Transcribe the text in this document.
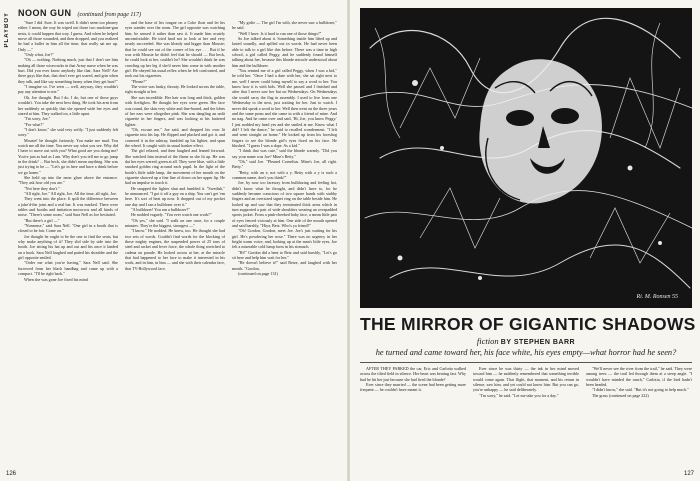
PLAYBOY NOON GUN (continued from page 117)

"Sure I did. Sure. It was swell. It didn't seem too phoney either. I mean, the way he wiped out those two machine-gun nests, it could happen that way, I guess. And when he helped move all those wounded, and then dropped, and you realized he had a bullet in him all the time, that really sat me up. Only —"

"Only what, Joe?"

"Oh — nothing. Nothing much, just that I don't see him making all those wisecracks in that Army nurse when he was hurt. Did you ever know anybody like that, Sara Nell? Are there guys like that, that don't ever get scared, and grin when they talk, and like say something funny when they get hurt?"

"I imagine so. I've seen — well, anyway, they wouldn't pay any attention to me."

Oh, Joe thought. But I do. I do, but one of those guys wouldn't. You take the next best thing. He took his arm from her suddenly as quickly that she opened wide her eyes and stared at him. They walked on, a little apart.

"I'm sorry, Joe."

"For what?"

"I don't know," she said very softly. "I just suddenly felt sorry."

Mousie! he thought furiously. You make me mad. You watch me all the time. You never say what you see. Why did I have to move out with you? What good are you doing me? You're just as bad as I am. Why don't you tell me to go jump in the drink? ... But heck, she didn't mean anything. She was just trying to be — "Let's go in here and have a drink before we go home."

She held up into the neon glare above the entrance. "They ask how old you are."

"Not here they don't."

"All right, Joe." All right, Joe. All the time, all right, Joe.

They went into the place. It spilt the difference between a juke'd-the joint and a real bar. It was marked. There were tables and booths and imitation moroccos and all kinds of noise. "There's some room," said Sara Nell as Joe hesitated.

"But there's a girl —"

"Nonsense," said Sara Nell. "One girl in a booth that is closed to be fair. Come on."

Joe thought he ought to be the one to find the seats, but why make anything of it? They slid side by side into the booth. Joe sitting his hat up and out and his once it landed on a hook. Sara Nell laughed and patted his shoulder and the girl opposite smiled.

"Order me what you're having," Sara Nell said. She furrowed from her black handbag and came up with a compact. "I'll be right back."

When she was gone Joe fixed his mind

and the base of his tongue on a Coke float and let his eyes wander over the room. The girl opposite was watching him; he sensed it rather than saw it. It made him acutely uncomfortable. He tried hard not to look at her and very nearly succeeded. She was blondy and bigger than Mousie; that he could see out of the corner of his eye . . . But if he was with Mousie he didn't feel that he should — But heck, he could look at her, couldn't he? She wouldn't think he was crawling up her leg if she'd never him come in with another girl. He obeyed his usual reflex when he felt confronted, and took out his cigarettes.

"Please?"

The voice was husky, throaty. He looked across the table, right straight at her.

She was incredible. Her hair was long and thick, golden with fireliglow. He thought her eyes were green. Her face was round, the skin very white and fine-boned, and the lobes of her ears were altogether pink. She was dangling an unlit cigarette in her fingers, and was looking at his battered lighter.

"Oh, excuse me," Joe said, and dropped his own lit cigarette into his lap. He flipped and plucked and got it, and cornered it in the ashtray, fumbled up his lighter, and spun the wheel. It caught with its usual honker effect.

The girl relaxed, and then laughed and leaned forward. She watched him instead of the flame as she lit up. He was dat her eyes weren't green at all. They were blue, with a little smoked golden ring around each pupil. In the light of the booth's little table lamp, the movement of her mouth on the cigarette showed up a fine line of down on her upper lip. He had an impulse to touch it.

He snapped the lighter shut and fumbled it. "Swedish," he announced. "I got it off a guy on a ship. You can't get 'em here. It's sort of beat up now. It dropped out of my pocket one day and I ran a bulldozer over it."

"A bulldozer! You ran a bulldozer?"

He nodded vaguely. "You ever watch one work?"

"Oh yes," she said. "I walk on one once, for a couple minutes. They're the biggest, strongest —"

"I know." He nodded. He knew, too. He thought she had two sets of words. Couldn't find words for the blocking of those mighty engines, the suspended power of 25 tons of steel and racket and lever force, the whole thing stretched to cadena on parade. He looked across at her, at the miracle that had happened to her face to make it interested in his work, and in him, in him — and she with their calendar face, that TV-Hollywood face.

"My girlie — The girl I'm with, she never saw a bulldozer," he said.

"Well I have. Is it hard to run one of those things?"

So Joe talked about it. Something inside him lifted up and lasted soundly, and spilled out in words. He had never been able to talk to a girl like this before. There was a time in high school, a girl called Peggy, and he suddenly found himself talking about her, because this blonde miracle understood about him and the bulldozer.

"You remind me of a girl called Peggy, when I was a kid," he told her. "Once I had a date with her, she sat right next to me, well I never could bring myself to say a word to her. You know how it is with kids. Well she passed and I finished and after that I never saw her but on Wednesdays. On Wednesdays she would carry the flag in assembly. I used to live from one Wednesday to the next, just waiting for her. Just to watch. I never did speak a word to her. Well then went on the three years and the same prom and she came in with a friend of mine. And no nag. And he came over and said, 'Hi, Joe, you know Peggy.' I just nodded my head yes and she smiled at me. Know what I did? I left the dance," he said to recalled wonderment. "I left and went straight on home." He looked up from his foreshog fingers to see the blonde girl's eyes fixed on his face. He blushed. "I guess I was a dope. As a kid."

"I think that was cute," said the blonde warmly. "Did you say your name was Joe? Mine's Betty."

"Oh," said Joe. "Pleased Cornelius. Mine's Joe, all right. Betty."

"Betty, with an e, not with a y. Betty with a y is such a common name, don't you think?"

Joe, by now too faraway from bulldozing and feeling hot, didn't know what he thought, and didn't have to, for he suddenly became conscious of two square hands with stubby fingers and an oversized signet ring on the table beside him. He looked up and saw that they terminated thick arms which in turn supported a pair of wide shoulders wearing an overpadded sports jacket. From a pink-cheeked baby face, a mean little pair of eyes fenced viciously at him. One side of the mouth opened and said harshly, "Hiya, Betz. Who's ya friend?"

"Oh! Gordon, Gordon, meet Joe. Joe's just waiting for his girl. He's powdering her nose." There was no urgency in her bright warm voice, and, looking up at the man's little eyes, Joe felt a miserable cold lump form in his stomach.

"Hi!" Gordon did a bent to Betz and said harshly, "Let's go sit here and help him wait for her."

"He doesn't believe it!" said Betze, and laughed with her mouth. "Gordon,

(continued on page 131)

126
Ri. M. Ronsen 55
THE MIRROR OF GIGANTIC SHADOWS
fiction BY STEPHEN BARR
he turned and came toward her, his face white, his eyes empty—what horror had he seen?

AFTER THEY PARKED the car, Eric and Carlotta walked across the tilted field in silence. Her heart was beating fast. Why had he hit her just because she had fired the blonde?

Ever since they married — the scene had been getting more frequent — he couldn't have meant it.

Ever since he was thirty — the ink in her mind moved toward him — he suddenly remembered that something terrible would come again. That flight, that moment, and his return in silence, saw him, and yet could not know him. But you can go, you're unhappy — he said deliberately.

"I'm sorry," he said. "Let me take you for a day."

"We'll never see the river from the trail," he said. They were among trees — the trail led through them at a steep angle. "I wouldn't have minded the ranch," Carlotta, if the bird hadn't been headed.

"I didn't know," she said. "But it's not going to help much."

The grass (continued on page 222)

127
